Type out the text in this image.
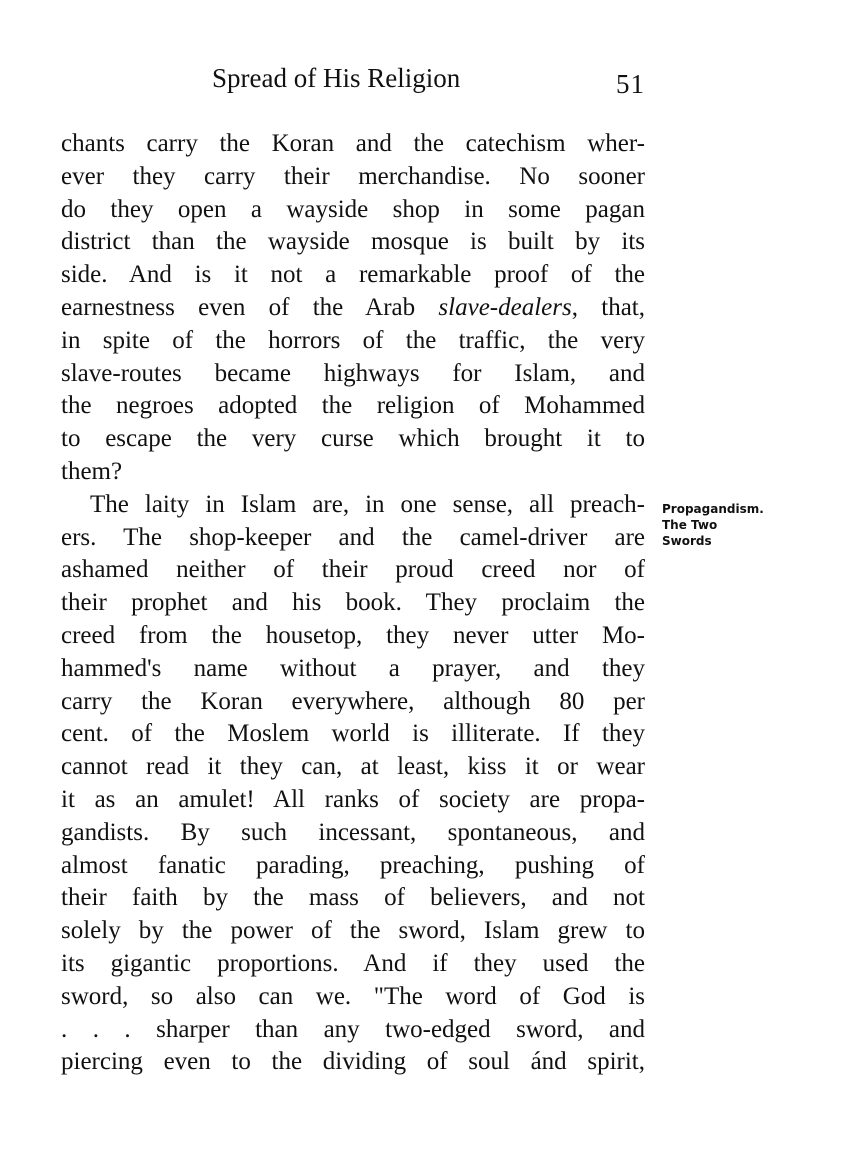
Spread of His Religion	51
Propagandism.
The Two
Swords
chants carry the Koran and the catechism wher-
ever they carry their merchandise. No sooner
do they open a wayside shop in some pagan
district than the wayside mosque is built by its
side. And is it not a remarkable proof of the
earnestness even of the Arab slave-dealers, that,
in spite of the horrors of the traffic, the very
slave-routes became highways for Islam, and
the negroes adopted the religion of Mohammed
to escape the very curse which brought it to
them?
The laity in Islam are, in one sense, all preach-
ers. The shop-keeper and the camel-driver are
ashamed neither of their proud creed nor of
their prophet and his book. They proclaim the
creed from the housetop, they never utter Mo-
hammed's name without a prayer, and they
carry the Koran everywhere, although 80 per
cent. of the Moslem world is illiterate. If they
cannot read it they can, at least, kiss it or wear
it as an amulet! All ranks of society are propa-
gandists. By such incessant, spontaneous, and
almost fanatic parading, preaching, pushing of
their faith by the mass of believers, and not
solely by the power of the sword, Islam grew to
its gigantic proportions. And if they used the
sword, so also can we. "The word of God is
. . . sharper than any two-edged sword, and
piercing even to the dividing of soul ánd spirit,
